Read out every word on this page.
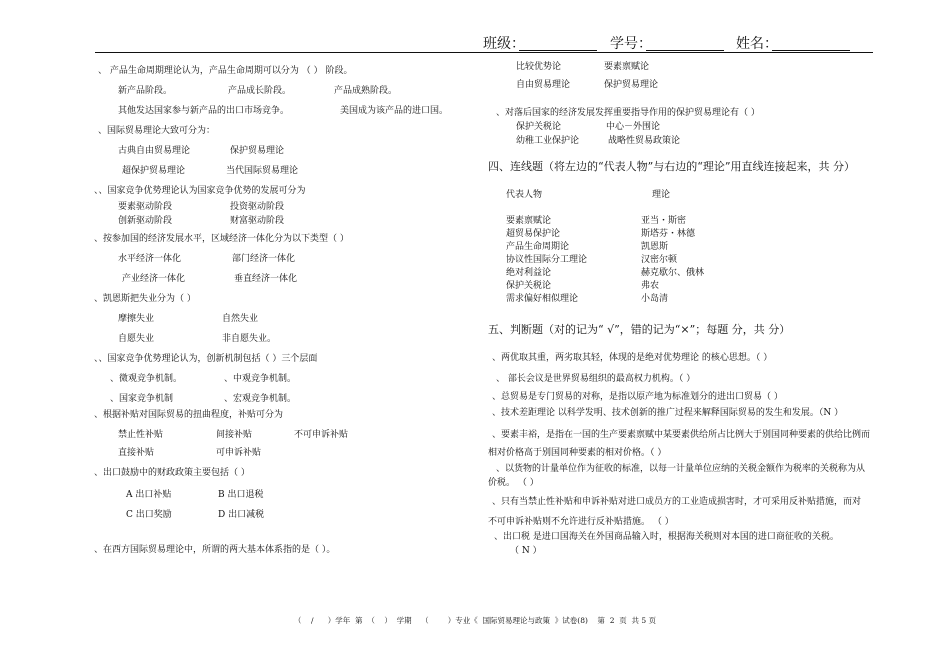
班级：	学号：	姓名：
、 产品生命周期理论认为，产品生命周期可以分为 （ ） 阶段。
新产品阶段。	产品成长阶段。	产品成熟阶段。
其他发达国家参与新产品的出口市场竞争。	美国成为该产品的进口国。
、国际贸易理论大致可分为：
古典自由贸易理论	保护贸易理论
超保护贸易理论	当代国际贸易理论
、、国家竞争优势理论认为国家竞争优势的发展可分为
要素驱动阶段	投资驱动阶段
创新驱动阶段	财富驱动阶段
、按参加国的经济发展水平，区域经济一体化分为以下类型（ ）
水平经济一体化	部门经济一体化
产业经济一体化	垂直经济一体化
、凯恩斯把失业分为（ ）
摩擦失业	自然失业
自愿失业	非自愿失业。
、、国家竞争优势理论认为，创新机制包括（ ）三个层面
、微观竞争机制。	、中观竞争机制。
、国家竞争机制	、宏观竞争机制。
、根据补贴对国际贸易的扭曲程度，补贴可分为
禁止性补贴	间接补贴	不可申诉补贴
直接补贴	可申诉补贴
、出口鼓励中的财政政策主要包括（ ）
A 出口补贴	B 出口退税
C 出口奖励	D 出口减税
、在西方国际贸易理论中，所谓的两大基本体系指的是（ ）。
比较优势论	要素禀赋论
自由贸易理论	保护贸易理论
、对落后国家的经济发展发挥重要指导作用的保护贸易理论有（ ）
保护关税论	中心－外围论
幼稚工业保护论	战略性贸易政策论
四、连线题（将左边的“代表人物”与右边的“理论”用直线连接起来，共 分）
代表人物	理论
要素禀赋论	亚当・斯密
超贸易保护论	斯塔芬・林德
产品生命周期论	凯恩斯
协议性国际分工理论	汉密尔顿
绝对利益论	赫克歇尔、俄林
保护关税论	弗农
需求偏好相似理论	小岛清
五、判断题（对的记为“ √”，错的记为“×”；每题 分，共 分）
、两优取其重，两劣取其轻，体现的是绝对优势理论 的核心思想。（ ）
、 部长会议是世界贸易组织的最高权力机构。（ ）
、总贸易是专门贸易的对称，是指以原产地为标准划分的进出口贸易（ ）
、技术差距理论 以科学发明、技术创新的推广过程来解释国际贸易的发生和发展。（N ）
、要素丰裕，是指在一国的生产要素禀赋中某要素供给所占比例大于别国同种要素的供给比例而
相对价格高于别国同种要素的相对价格。（ ）
、以货物的计量单位作为征收的标准，以每一计量单位应纳的关税金额作为税率的关税称为从
价税。 （ ）
、只有当禁止性补贴和申诉补贴对进口成员方的工业造成损害时，才可采用反补贴措施，而对
不可申诉补贴则不允许进行反补贴措施。 （ ）
、出口税 是进口国海关在外国商品输入时，根据海关税则对本国的进口商征收的关税。
（ N ）
（    /      ）学年  第  （    ）  学期    （        ）专业《  国际贸易理论与政策  》试卷(8)    第  2  页  共 5 页
